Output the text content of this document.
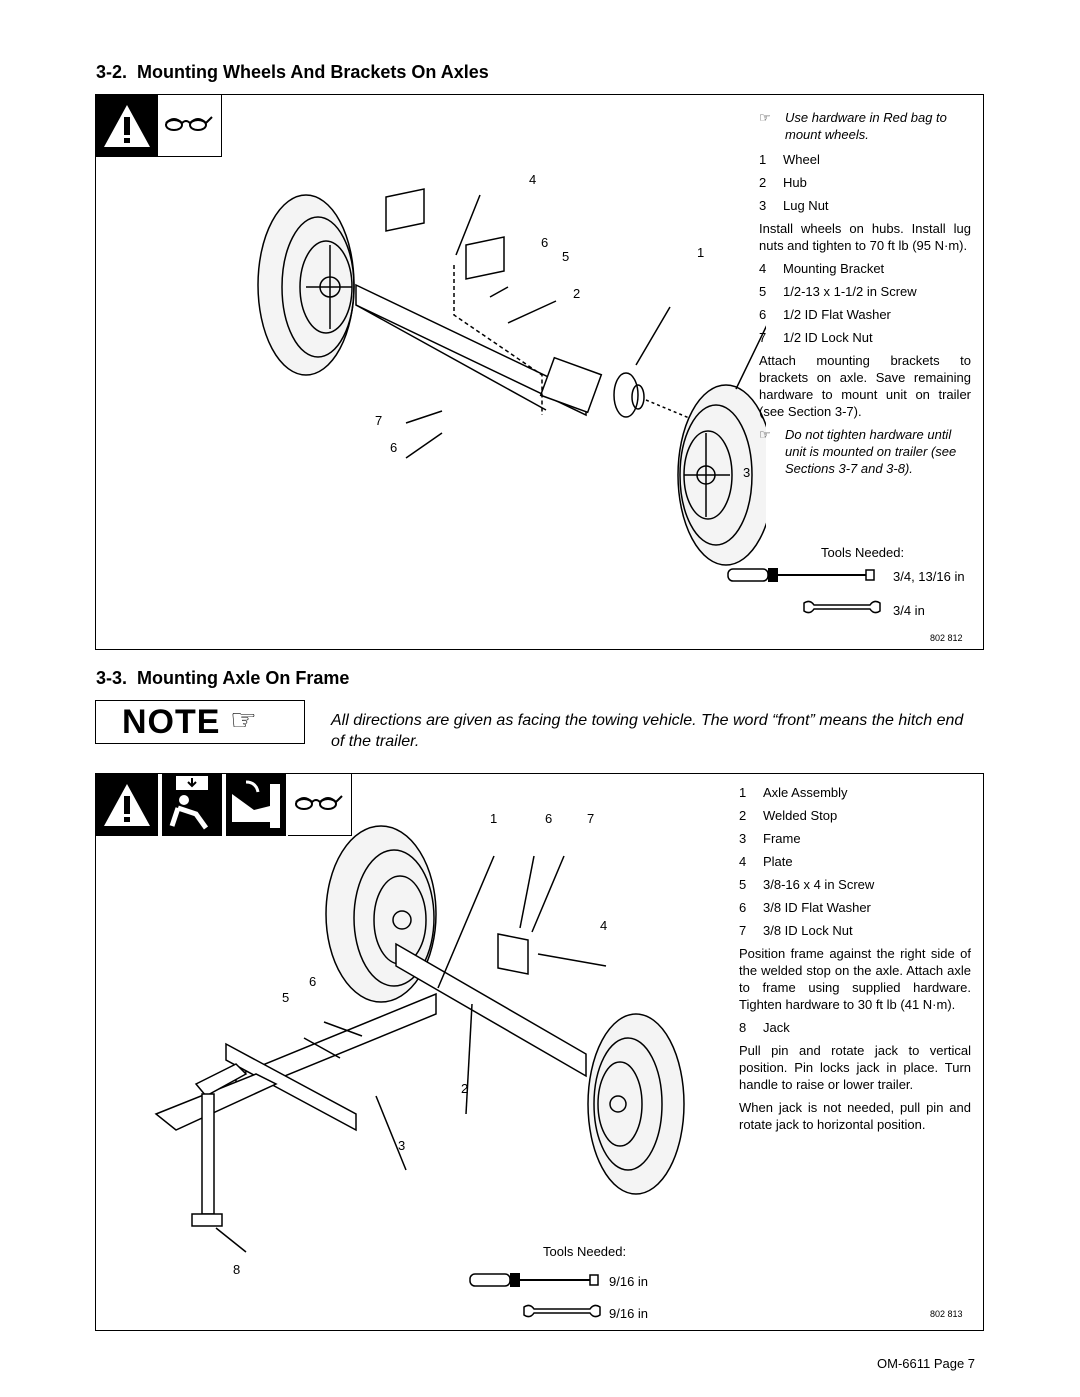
3-2.  Mounting Wheels And Brackets On Axles
4
6
5	1
2
7
6
3
☞	Use hardware in Red bag to mount wheels.
1	Wheel
2	Hub
3	Lug Nut
Install wheels on hubs. Install lug nuts and tighten to 70 ft lb (95 N·m).
4	Mounting Bracket
5	1/2-13 x 1-1/2 in Screw
6	1/2 ID Flat Washer
7	1/2 ID Lock Nut
Attach mounting brackets to brackets on axle. Save remaining hardware to mount unit on trailer (see Section 3-7).
☞	Do not tighten hardware until unit is mounted on trailer (see Sections 3-7 and 3-8).
Tools Needed:
3/4, 13/16 in
3/4 in
802 812
3-3.  Mounting Axle On Frame
NOTE ☞	All directions are given as facing the towing vehicle. The word “front” means the hitch end of the trailer.
1	6	7
4
6
5
2
3
8
1	Axle Assembly
2	Welded Stop
3	Frame
4	Plate
5	3/8-16 x 4 in Screw
6	3/8 ID Flat Washer
7	3/8 ID Lock Nut
Position frame against the right side of the welded stop on the axle. Attach axle to frame using supplied hardware. Tighten hardware to 30 ft lb (41 N·m).
8	Jack
Pull pin and rotate jack to vertical position. Pin locks jack in place. Turn handle to raise or lower trailer.
When jack is not needed, pull pin and rotate jack to horizontal position.
Tools Needed:
9/16 in
9/16 in	802 813
OM-6611 Page 7
